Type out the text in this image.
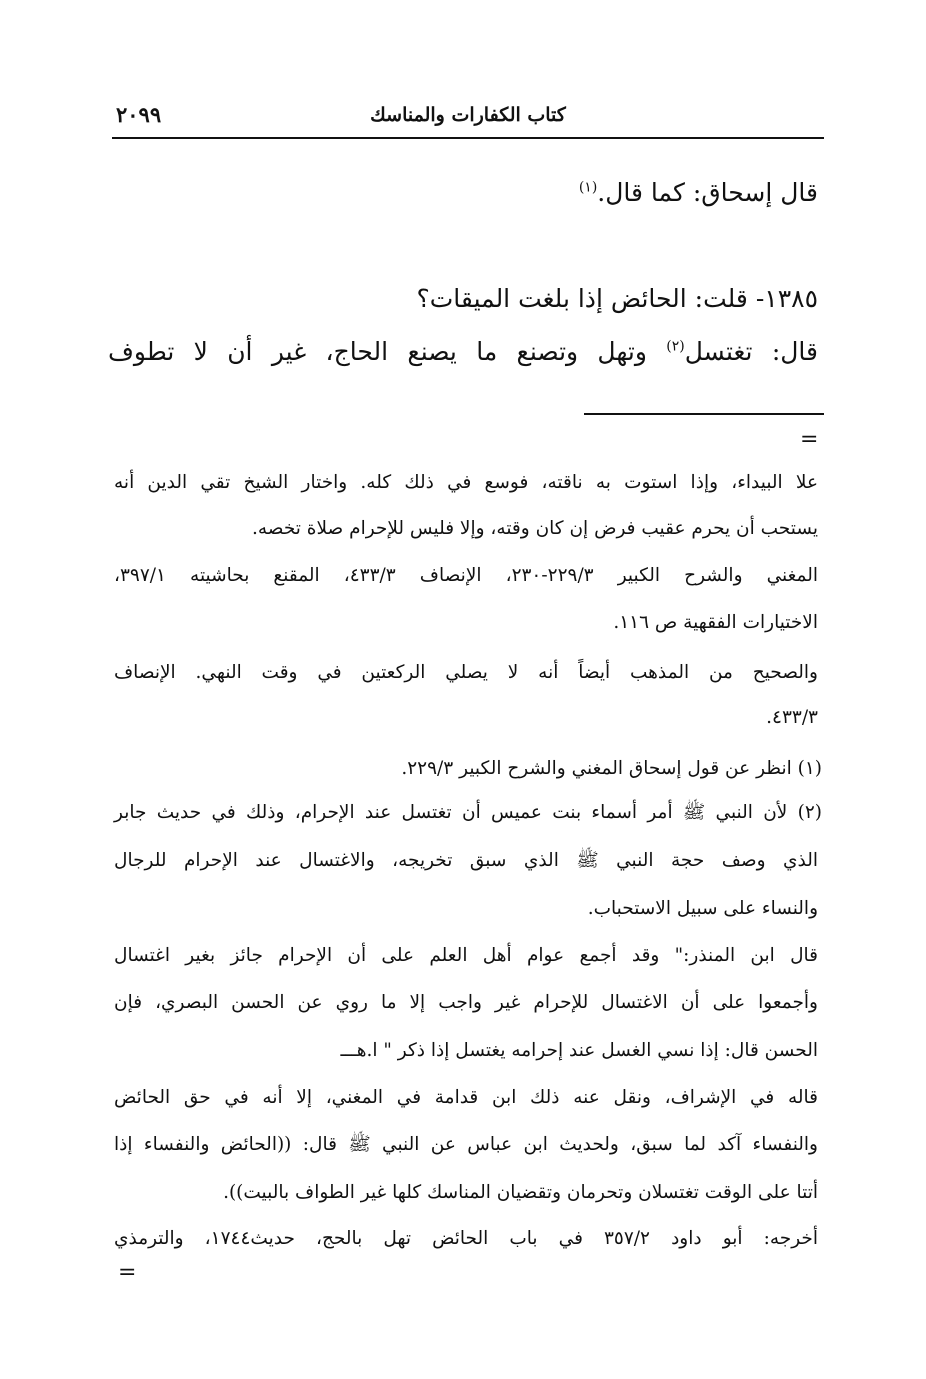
كتاب الكفارات والمناسك
٢٠٩٩
قال إسحاق: كما قال.$^{(١)}$
١٣٨٥- قلت: الحائض إذا بلغت الميقات؟
قال: تغتسل$^{(٢)}$ وتهل وتصنع ما يصنع الحاج، غير أن لا تطوف
=
علا البيداء، وإذا استوت به ناقته، فوسع في ذلك كله. واختار الشيخ تقي الدين أنه
يستحب أن يحرم عقيب فرض إن كان وقته، وإلا فليس للإحرام صلاة تخصه.
المغني والشرح الكبير ٢٢٩/٣-٢٣٠، الإنصاف ٤٣٣/٣، المقنع بحاشيته ٣٩٧/١،
الاختيارات الفقهية ص ١١٦.
والصحيح من المذهب أيضاً أنه لا يصلي الركعتين في وقت النهي. الإنصاف
٤٣٣/٣.
(١) انظر عن قول إسحاق المغني والشرح الكبير ٢٢٩/٣.
(٢) لأن النبي ﷺ أمر أسماء بنت عميس أن تغتسل عند الإحرام، وذلك في حديث جابر
الذي وصف حجة النبي ﷺ الذي سبق تخريجه، والاغتسال عند الإحرام للرجال
والنساء على سبيل الاستحباب.
قال ابن المنذر:" وقد أجمع عوام أهل العلم على أن الإحرام جائز بغير اغتسال
وأجمعوا على أن الاغتسال للإحرام غير واجب إلا ما روي عن الحسن البصري، فإن
الحسن قال: إذا نسي الغسل عند إحرامه يغتسل إذا ذكر " ا.هـــ
قاله في الإشراف، ونقل عنه ذلك ابن قدامة في المغني، إلا أنه في حق الحائض
والنفساء آكد لما سبق، ولحديث ابن عباس عن النبي ﷺ قال: ((الحائض والنفساء إذا
أتتا على الوقت تغتسلان وتحرمان وتقضيان المناسك كلها غير الطواف بالبيت)).
أخرجه: أبو داود ٣٥٧/٢ في باب الحائض تهل بالحج، حديث١٧٤٤، والترمذي
=
